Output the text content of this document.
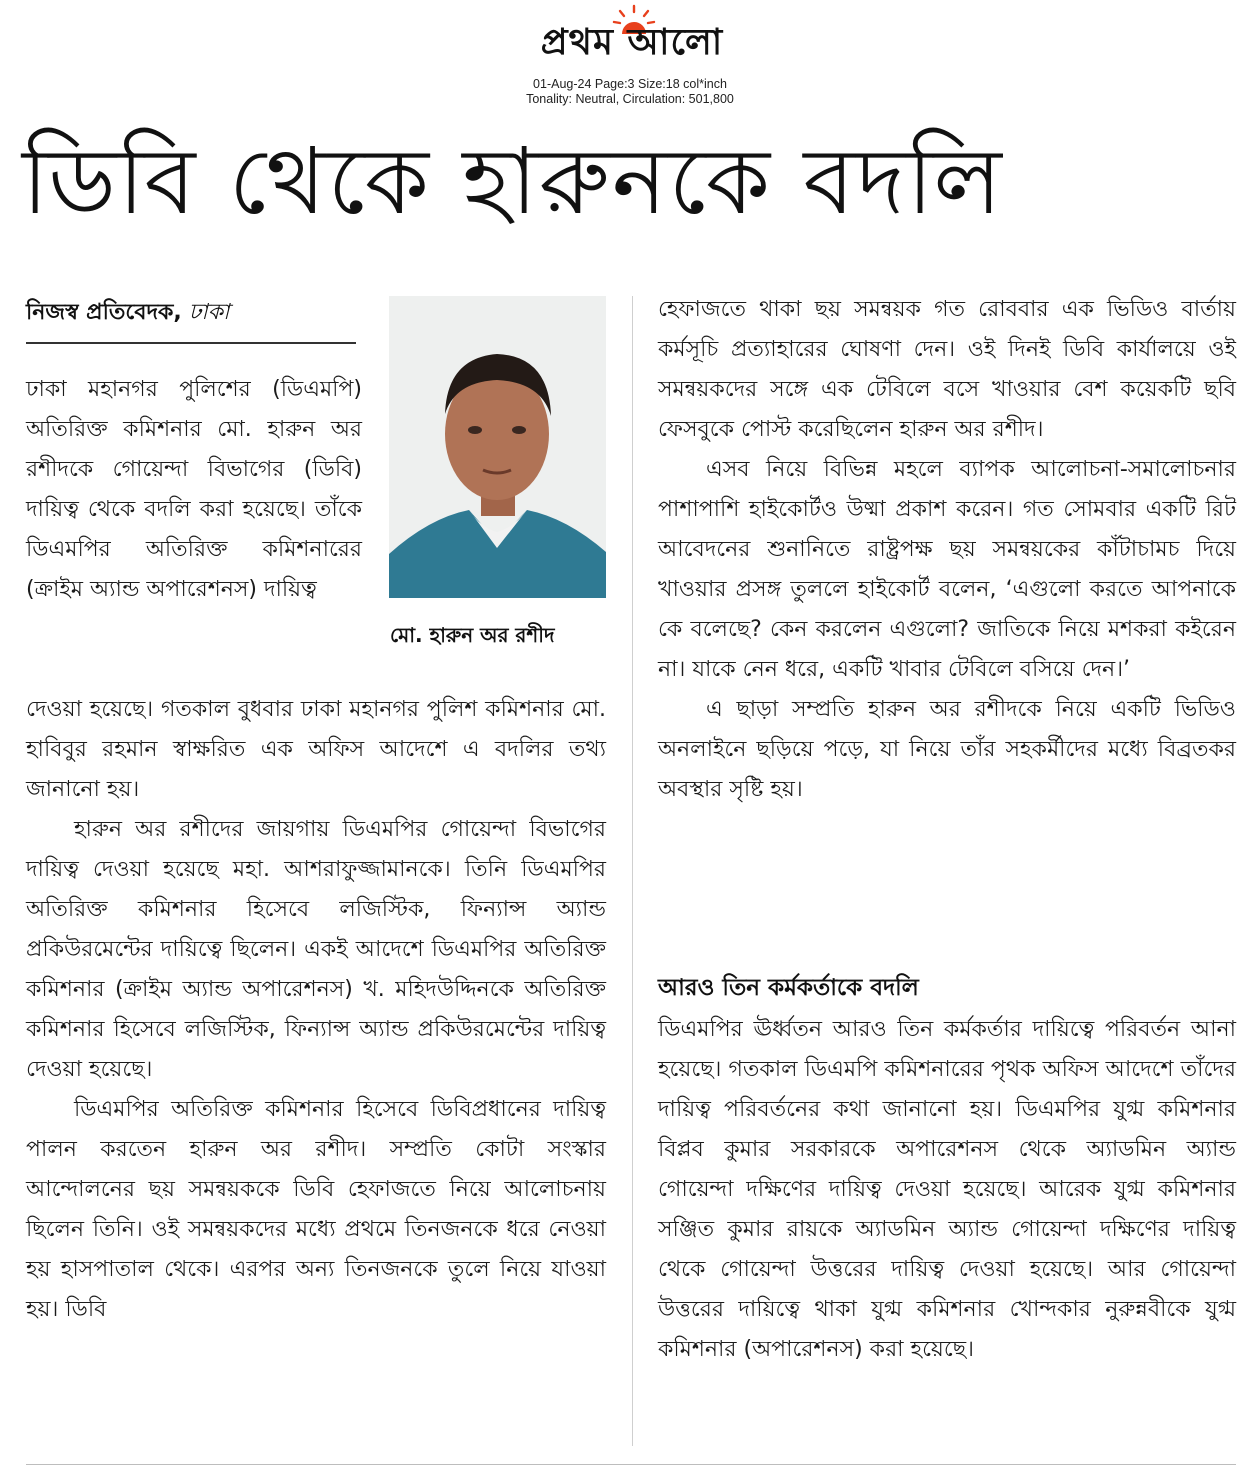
প্রথম আলো
01-Aug-24 Page:3 Size:18 col*inch
Tonality: Neutral, Circulation: 501,800
ডিবি থেকে হারুনকে বদলি
নিজস্ব প্রতিবেদক, ঢাকা
মো. হারুন অর রশীদ

ঢাকা মহানগর পুলিশের (ডিএমপি) অতিরিক্ত কমিশনার মো. হারুন অর রশীদকে গোয়েন্দা বিভাগের (ডিবি) দায়িত্ব থেকে বদলি করা হয়েছে। তাঁকে ডিএমপির অতিরিক্ত কমিশনারের (ক্রাইম অ্যান্ড অপারেশনস) দায়িত্ব

দেওয়া হয়েছে। গতকাল বুধবার ঢাকা মহানগর পুলিশ কমিশনার মো. হাবিবুর রহমান স্বাক্ষরিত এক অফিস আদেশে এ বদলির তথ্য জানানো হয়।

হারুন অর রশীদের জায়গায় ডিএমপির গোয়েন্দা বিভাগের দায়িত্ব দেওয়া হয়েছে মহা. আশরাফুজ্জামানকে। তিনি ডিএমপির অতিরিক্ত কমিশনার হিসেবে লজিস্টিক, ফিন্যান্স অ্যান্ড প্রকিউরমেন্টের দায়িত্বে ছিলেন। একই আদেশে ডিএমপির অতিরিক্ত কমিশনার (ক্রাইম অ্যান্ড অপারেশনস) খ. মহিদউদ্দিনকে অতিরিক্ত কমিশনার হিসেবে লজিস্টিক, ফিন্যান্স অ্যান্ড প্রকিউরমেন্টের দায়িত্ব দেওয়া হয়েছে।

ডিএমপির অতিরিক্ত কমিশনার হিসেবে ডিবিপ্রধানের দায়িত্ব পালন করতেন হারুন অর রশীদ। সম্প্রতি কোটা সংস্কার আন্দোলনের ছয় সমন্বয়ককে ডিবি হেফাজতে নিয়ে আলোচনায় ছিলেন তিনি। ওই সমন্বয়কদের মধ্যে প্রথমে তিনজনকে ধরে নেওয়া হয় হাসপাতাল থেকে। এরপর অন্য তিনজনকে তুলে নিয়ে যাওয়া হয়। ডিবি

হেফাজতে থাকা ছয় সমন্বয়ক গত রোববার এক ভিডিও বার্তায় কর্মসূচি প্রত্যাহারের ঘোষণা দেন। ওই দিনই ডিবি কার্যালয়ে ওই সমন্বয়কদের সঙ্গে এক টেবিলে বসে খাওয়ার বেশ কয়েকটি ছবি ফেসবুকে পোস্ট করেছিলেন হারুন অর রশীদ।

এসব নিয়ে বিভিন্ন মহলে ব্যাপক আলোচনা-সমালোচনার পাশাপাশি হাইকোর্টও উষ্মা প্রকাশ করেন। গত সোমবার একটি রিট আবেদনের শুনানিতে রাষ্ট্রপক্ষ ছয় সমন্বয়কের কাঁটাচামচ দিয়ে খাওয়ার প্রসঙ্গ তুললে হাইকোর্ট বলেন, ‘এগুলো করতে আপনাকে কে বলেছে? কেন করলেন এগুলো? জাতিকে নিয়ে মশকরা কইরেন না। যাকে নেন ধরে, একটি খাবার টেবিলে বসিয়ে দেন।’

এ ছাড়া সম্প্রতি হারুন অর রশীদকে নিয়ে একটি ভিডিও অনলাইনে ছড়িয়ে পড়ে, যা নিয়ে তাঁর সহকর্মীদের মধ্যে বিব্রতকর অবস্থার সৃষ্টি হয়।

আরও তিন কর্মকর্তাকে বদলি

ডিএমপির ঊর্ধ্বতন আরও তিন কর্মকর্তার দায়িত্বে পরিবর্তন আনা হয়েছে। গতকাল ডিএমপি কমিশনারের পৃথক অফিস আদেশে তাঁদের দায়িত্ব পরিবর্তনের কথা জানানো হয়। ডিএমপির যুগ্ম কমিশনার বিপ্লব কুমার সরকারকে অপারেশনস থেকে অ্যাডমিন অ্যান্ড গোয়েন্দা দক্ষিণের দায়িত্ব দেওয়া হয়েছে। আরেক যুগ্ম কমিশনার সঞ্জিত কুমার রায়কে অ্যাডমিন অ্যান্ড গোয়েন্দা দক্ষিণের দায়িত্ব থেকে গোয়েন্দা উত্তরের দায়িত্ব দেওয়া হয়েছে। আর গোয়েন্দা উত্তরের দায়িত্বে থাকা যুগ্ম কমিশনার খোন্দকার নুরুন্নবীকে যুগ্ম কমিশনার (অপারেশনস) করা হয়েছে।
